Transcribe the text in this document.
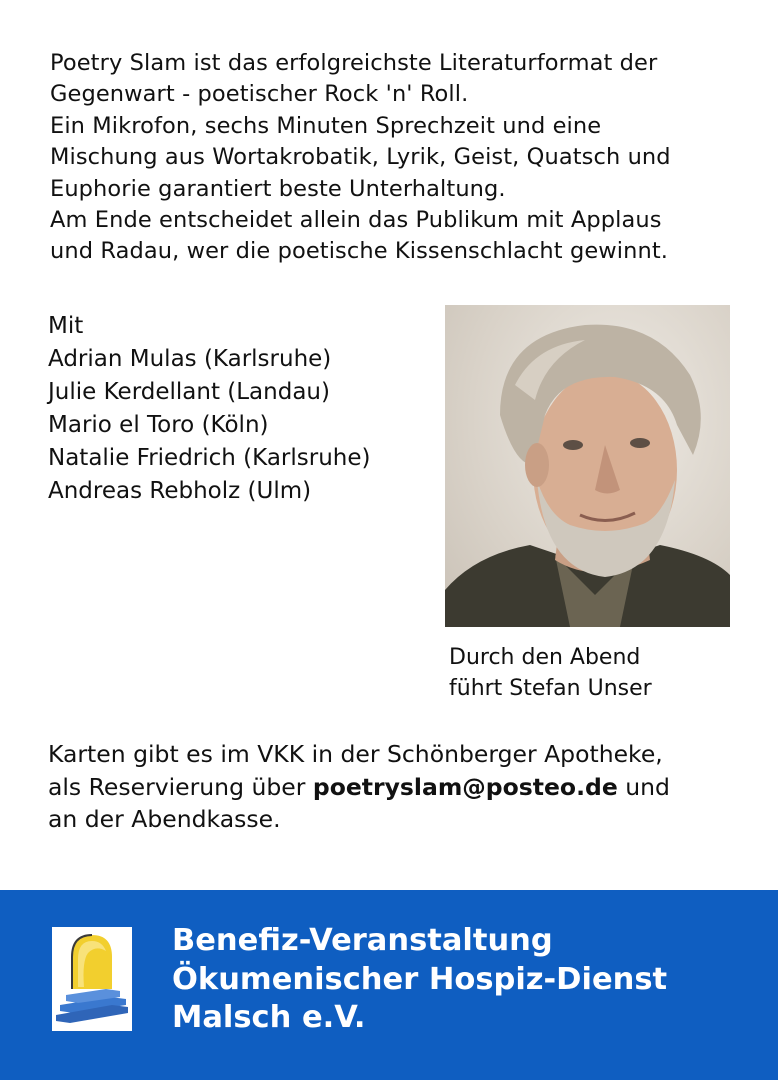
Poetry Slam ist das erfolgreichste Literaturformat der
Gegenwart - poetischer Rock 'n' Roll.
Ein Mikrofon, sechs Minuten Sprechzeit und eine
Mischung aus Wortakrobatik, Lyrik, Geist, Quatsch und
Euphorie garantiert beste Unterhaltung.
Am Ende entscheidet allein das Publikum mit Applaus
und Radau, wer die poetische Kissenschlacht gewinnt.
Mit
Adrian Mulas (Karlsruhe)
Julie Kerdellant (Landau)
Mario el Toro (Köln)
Natalie Friedrich (Karlsruhe)
Andreas Rebholz (Ulm)
Durch den Abend
führt Stefan Unser
Karten gibt es im VKK in der Schönberger Apotheke,
als Reservierung über poetryslam@posteo.de und
an der Abendkasse.
Benefiz-Veranstaltung
Ökumenischer Hospiz-Dienst
Malsch e.V.
